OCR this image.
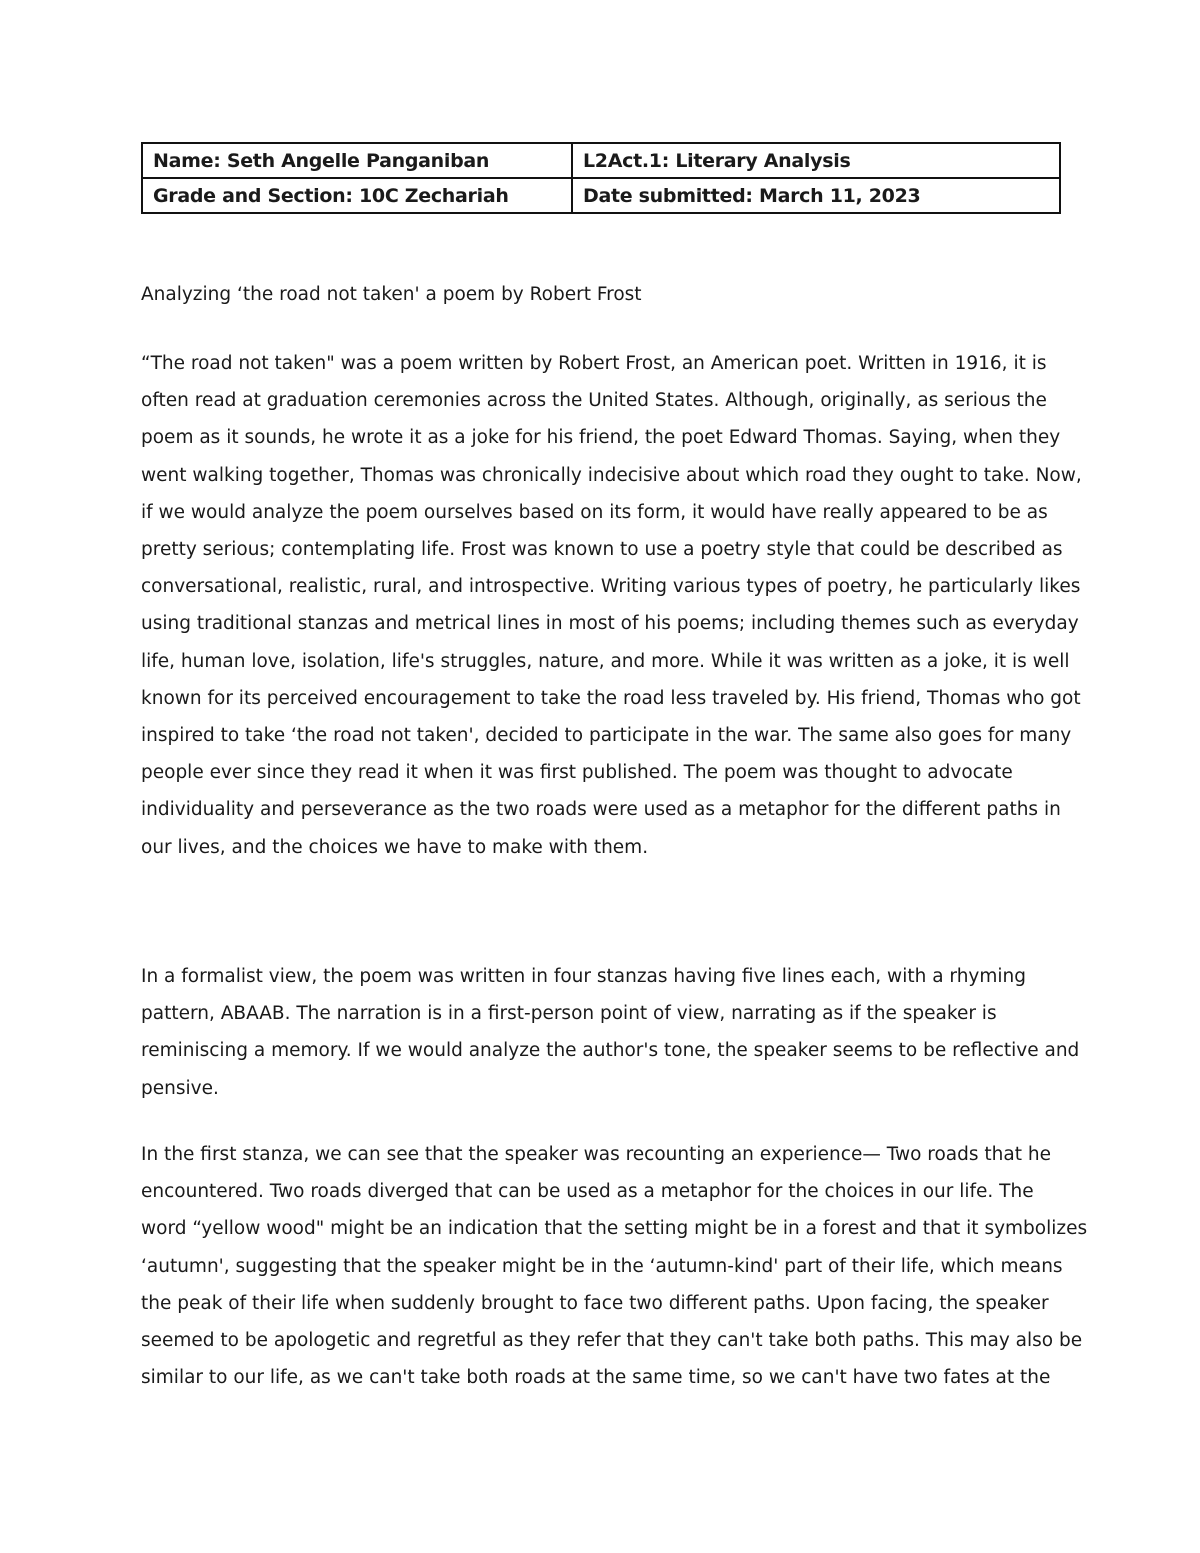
Name: Seth Angelle Panganiban	L2Act.1: Literary Analysis
Grade and Section: 10C Zechariah	Date submitted: March 11, 2023
Analyzing ‘the road not taken' a poem by Robert Frost

“The road not taken" was a poem written by Robert Frost, an American poet. Written in 1916, it is
often read at graduation ceremonies across the United States. Although, originally, as serious the
poem as it sounds, he wrote it as a joke for his friend, the poet Edward Thomas. Saying, when they
went walking together, Thomas was chronically indecisive about which road they ought to take. Now,
if we would analyze the poem ourselves based on its form, it would have really appeared to be as
pretty serious; contemplating life. Frost was known to use a poetry style that could be described as
conversational, realistic, rural, and introspective. Writing various types of poetry, he particularly likes
using traditional stanzas and metrical lines in most of his poems; including themes such as everyday
life, human love, isolation, life's struggles, nature, and more. While it was written as a joke, it is well
known for its perceived encouragement to take the road less traveled by. His friend, Thomas who got
inspired to take ‘the road not taken', decided to participate in the war. The same also goes for many
people ever since they read it when it was first published. The poem was thought to advocate
individuality and perseverance as the two roads were used as a metaphor for the different paths in
our lives, and the choices we have to make with them.

In a formalist view, the poem was written in four stanzas having five lines each, with a rhyming
pattern, ABAAB. The narration is in a first-person point of view, narrating as if the speaker is
reminiscing a memory. If we would analyze the author's tone, the speaker seems to be reflective and
pensive.

In the first stanza, we can see that the speaker was recounting an experience— Two roads that he
encountered. Two roads diverged that can be used as a metaphor for the choices in our life. The
word “yellow wood" might be an indication that the setting might be in a forest and that it symbolizes
‘autumn', suggesting that the speaker might be in the ‘autumn-kind' part of their life, which means
the peak of their life when suddenly brought to face two different paths. Upon facing, the speaker
seemed to be apologetic and regretful as they refer that they can't take both paths. This may also be
similar to our life, as we can't take both roads at the same time, so we can't have two fates at the
